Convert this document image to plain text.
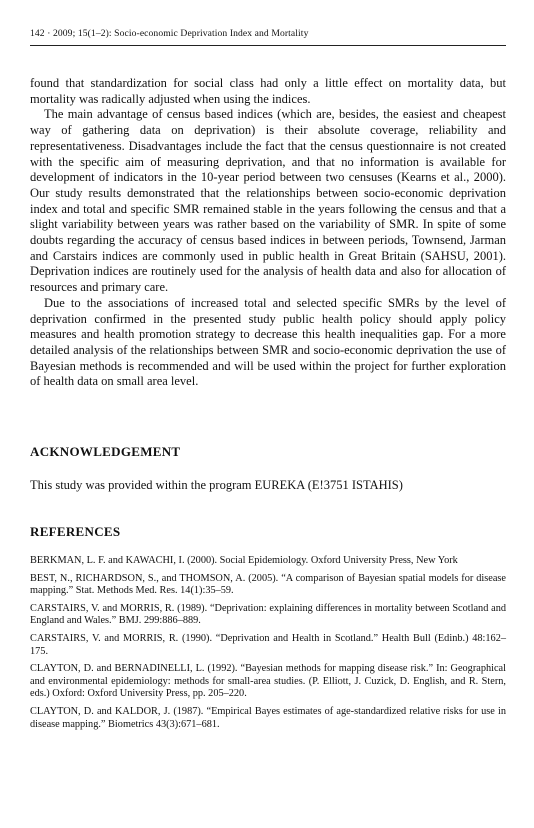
142 · 2009; 15(1–2): Socio-economic Deprivation Index and Mortality

found that standardization for social class had only a little effect on mortality data, but mortality was radically adjusted when using the indices.

The main advantage of census based indices (which are, besides, the easiest and cheapest way of gathering data on deprivation) is their absolute coverage, reliability and representativeness. Disadvantages include the fact that the census questionnaire is not created with the specific aim of measuring deprivation, and that no information is available for development of indicators in the 10-year period between two censuses (Kearns et al., 2000). Our study results demonstrated that the relationships between socio-economic deprivation index and total and specific SMR remained stable in the years following the census and that a slight variability between years was rather based on the variability of SMR. In spite of some doubts regarding the accuracy of census based indices in between periods, Townsend, Jarman and Carstairs indices are commonly used in public health in Great Britain (SAHSU, 2001). Deprivation indices are routinely used for the analysis of health data and also for allocation of resources and primary care.

Due to the associations of increased total and selected specific SMRs by the level of deprivation confirmed in the presented study public health policy should apply policy measures and health promotion strategy to decrease this health inequalities gap. For a more detailed analysis of the relationships between SMR and socio-economic deprivation the use of Bayesian methods is recommended and will be used within the project for further exploration of health data on small area level.

ACKNOWLEDGEMENT
This study was provided within the program EUREKA (E!3751 ISTAHIS)
REFERENCES

BERKMAN, L. F. and KAWACHI, I. (2000). Social Epidemiology. Oxford University Press, New York

BEST, N., RICHARDSON, S., and THOMSON, A. (2005). “A comparison of Bayesian spatial models for disease mapping.” Stat. Methods Med. Res. 14(1):35–59.

CARSTAIRS, V. and MORRIS, R. (1989). “Deprivation: explaining differences in mortality between Scotland and England and Wales.” BMJ. 299:886–889.

CARSTAIRS, V. and MORRIS, R. (1990). “Deprivation and Health in Scotland.” Health Bull (Edinb.) 48:162–175.

CLAYTON, D. and BERNADINELLI, L. (1992). “Bayesian methods for mapping disease risk.” In: Geographical and environmental epidemiology: methods for small-area studies. (P. Elliott, J. Cuzick, D. English, and R. Stern, eds.) Oxford: Oxford University Press, pp. 205–220.

CLAYTON, D. and KALDOR, J. (1987). “Empirical Bayes estimates of age-standardized relative risks for use in disease mapping.” Biometrics 43(3):671–681.
